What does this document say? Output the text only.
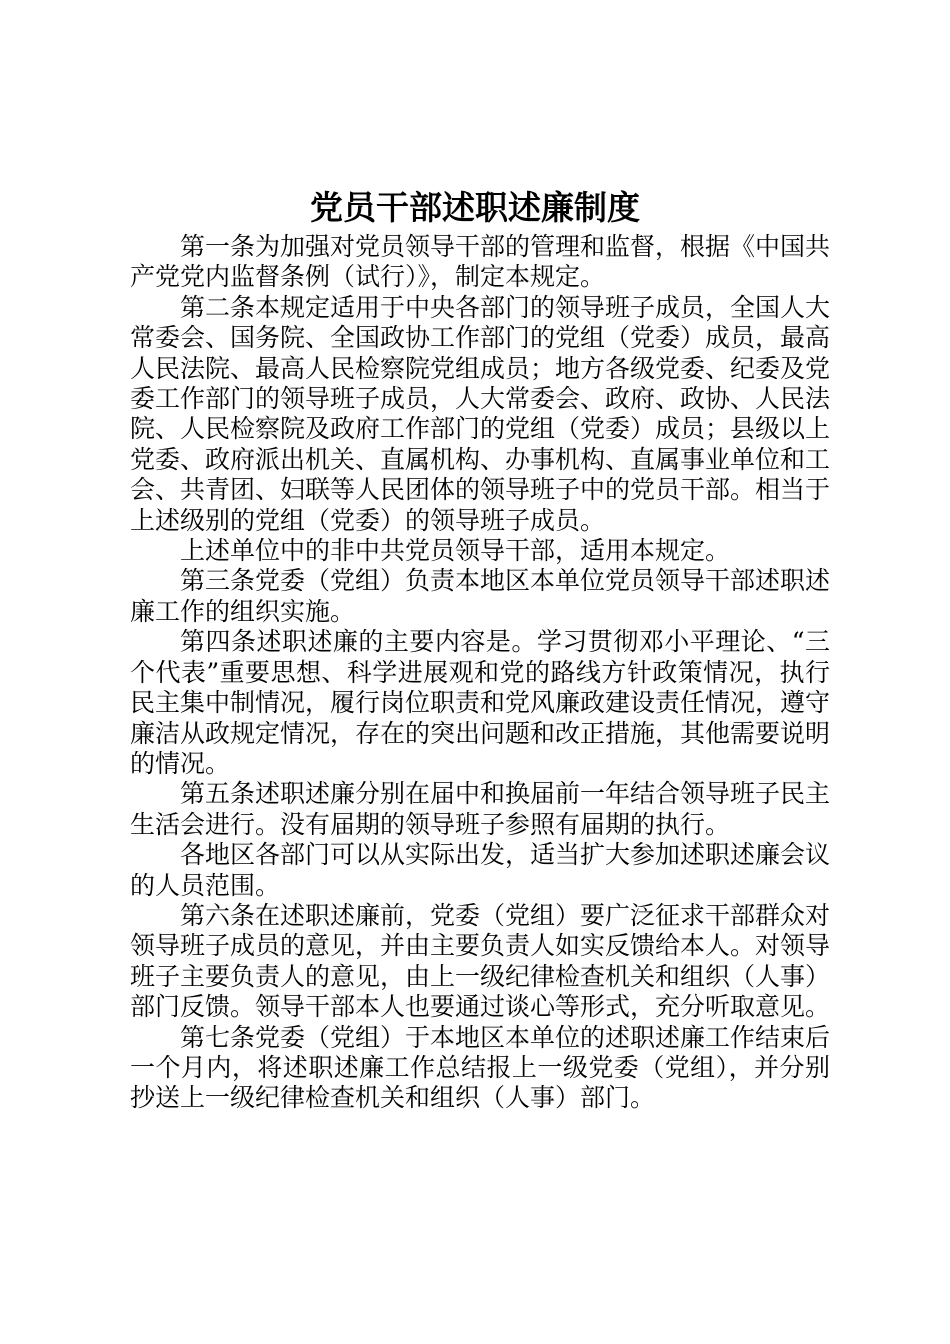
党员干部述职述廉制度

第一条为加强对党员领导干部的管理和监督，根据《中国共产党党内监督条例（试行）》，制定本规定。

第二条本规定适用于中央各部门的领导班子成员，全国人大常委会、国务院、全国政协工作部门的党组（党委）成员，最高人民法院、最高人民检察院党组成员；地方各级党委、纪委及党委工作部门的领导班子成员，人大常委会、政府、政协、人民法院、人民检察院及政府工作部门的党组（党委）成员；县级以上党委、政府派出机关、直属机构、办事机构、直属事业单位和工会、共青团、妇联等人民团体的领导班子中的党员干部。相当于上述级别的党组（党委）的领导班子成员。

上述单位中的非中共党员领导干部，适用本规定。

第三条党委（党组）负责本地区本单位党员领导干部述职述廉工作的组织实施。

第四条述职述廉的主要内容是。学习贯彻邓小平理论、“三个代表”重要思想、科学进展观和党的路线方针政策情况，执行民主集中制情况，履行岗位职责和党风廉政建设责任情况，遵守廉洁从政规定情况，存在的突出问题和改正措施，其他需要说明的情况。

第五条述职述廉分别在届中和换届前一年结合领导班子民主生活会进行。没有届期的领导班子参照有届期的执行。

各地区各部门可以从实际出发，适当扩大参加述职述廉会议的人员范围。

第六条在述职述廉前，党委（党组）要广泛征求干部群众对领导班子成员的意见，并由主要负责人如实反馈给本人。对领导班子主要负责人的意见，由上一级纪律检查机关和组织（人事）部门反馈。领导干部本人也要通过谈心等形式，充分听取意见。

第七条党委（党组）于本地区本单位的述职述廉工作结束后一个月内，将述职述廉工作总结报上一级党委（党组），并分别抄送上一级纪律检查机关和组织（人事）部门。
